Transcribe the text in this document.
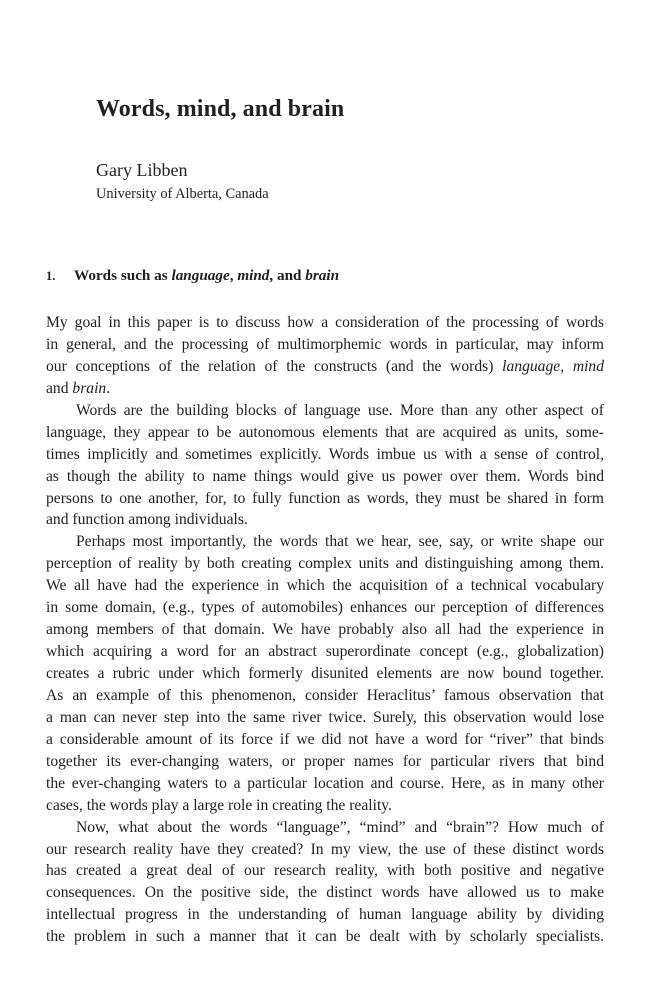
Words, mind, and brain
Gary Libben
University of Alberta, Canada
1. Words such as language, mind, and brain
My goal in this paper is to discuss how a consideration of the processing of words
in general, and the processing of multimorphemic words in particular, may inform
our conceptions of the relation of the constructs (and the words) language, mind
and brain.
Words are the building blocks of language use. More than any other aspect of
language, they appear to be autonomous elements that are acquired as units, some-
times implicitly and sometimes explicitly. Words imbue us with a sense of control,
as though the ability to name things would give us power over them. Words bind
persons to one another, for, to fully function as words, they must be shared in form
and function among individuals.
Perhaps most importantly, the words that we hear, see, say, or write shape our
perception of reality by both creating complex units and distinguishing among them.
We all have had the experience in which the acquisition of a technical vocabulary
in some domain, (e.g., types of automobiles) enhances our perception of differences
among members of that domain. We have probably also all had the experience in
which acquiring a word for an abstract superordinate concept (e.g., globalization)
creates a rubric under which formerly disunited elements are now bound together.
As an example of this phenomenon, consider Heraclitus’ famous observation that
a man can never step into the same river twice. Surely, this observation would lose
a considerable amount of its force if we did not have a word for “river” that binds
together its ever-changing waters, or proper names for particular rivers that bind
the ever-changing waters to a particular location and course. Here, as in many other
cases, the words play a large role in creating the reality.
Now, what about the words “language”, “mind” and “brain”? How much of
our research reality have they created? In my view, the use of these distinct words
has created a great deal of our research reality, with both positive and negative
consequences. On the positive side, the distinct words have allowed us to make
intellectual progress in the understanding of human language ability by dividing
the problem in such a manner that it can be dealt with by scholarly specialists.
